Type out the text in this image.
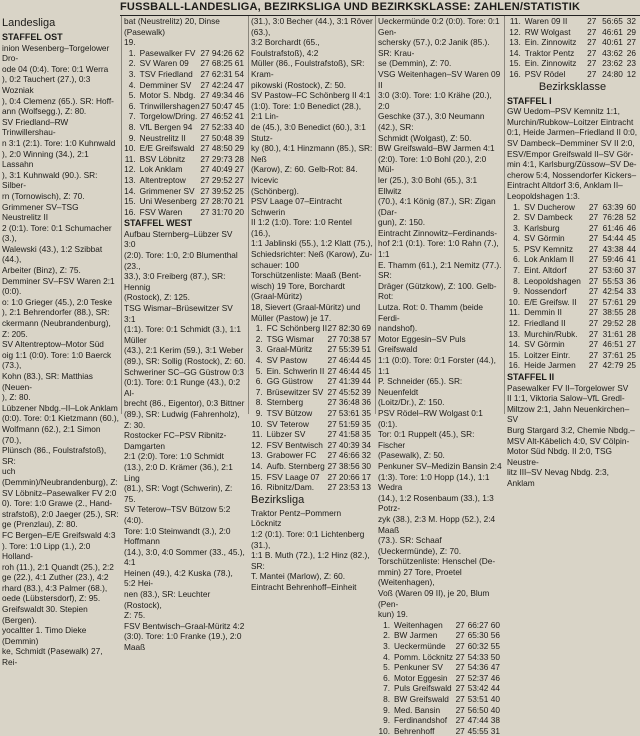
FUSSBALL-LANDESLIGA, BEZIRKSLIGA UND BEZIRKSKLASSE: ZAHLEN/STATISTIK

Landesliga

STAFFEL OST

inion Wesenberg–Torgelower Dro-

ode 04 (0:4). Tore: 0:1 Werra

), 0:2 Tauchert (27.), 0:3 Wozniak

), 0:4 Clemenz (65.). SR: Hoff-

ann (Wolfsegg.), Z: 80.

SV Friedland–RW Trinwillershau-

n 3:1 (2:1). Tore: 1:0 Kuhnwald

), 2:0 Winning (34.), 2:1 Lassahn

), 3:1 Kuhnwald (90.). SR: Silber-

rn (Tornowisch), Z: 70.

Grimmener SV–TSG Neustrelitz II

2 (0:1). Tore: 0:1 Schumacher (3.),

Walewski (43.), 1:2 Szibbat (44.),

Arbeiter (Binz), Z: 75.

Demminer SV–FSV Waren 2:1 (0:0).

o: 1:0 Grieger (45.), 2:0 Teske

), 2:1 Behrendorfer (88.), SR:

ckermann (Neubrandenburg), Z: 205.

SV Altentreptow–Motor Süd

oig 1:1 (0:0). Tore: 1:0 Baerck (73.),

Kohn (83.), SR: Matthias (Neuen-

), Z: 80.

Lübzener Nbdg.–II–Lok Anklam

(0:0). Tore: 0:1 Kietzmann (60.),

Wolfmann (62.), 2:1 Simon (70.),

Plünsch (86., Foulstrafstoß), SR:

uch (Demmin)/Neubrandenburg), Z:

SV Löbnitz–Pasewalker FV 2:0

0). Tore: 1:0 Grawe (2., Hand-

strafstoß), 2:0 Jaeger (25.), SR:

ge (Prenzlau), Z: 80.

FC Bergen–E/E Greifswald 4:3

). Tore: 1:0 Lipp (1.), 2:0 Holland-

roh (11.), 2:1 Quandt (25.), 2:2

ge (22.), 4:1 Zuther (23.), 4:2

rhard (83.), 4:3 Palmer (68.),

oede (Lübstersdorf), Z: 95.

Greifswaldt 30. Stepien (Bergen).

yocaltter 1. Timo Dieke (Demmin)

ke, Schmidt (Pasewalk) 27, Rei-

bat (Neustrelitz) 20, Dinse (Pasewalk)

19.

1.	Pasewalker FV	27	94:26	62
2.	SV Waren 09	27	68:25	61
3.	TSV Friedland	27	62:31	54
4.	Demminer SV	27	42:24	47
5.	Motor S. Nbdg.	27	49:34	46
6.	Trinwillershagen	27	50:47	45
7.	Torgelow/Dring.	27	46:52	41
8.	VfL Bergen 94	27	52:33	40
9.	Neustrelitz II	27	50:48	39
10.	E/E Greifswald	27	48:50	29
11.	BSV Löbnitz	27	29:73	28
12.	Lok Anklam	27	40:49	27
13.	Altentreptow	27	29:52	27
14.	Grimmener SV	27	39:52	25
15.	Uni Wesenberg	27	28:70	21
16.	FSV Waren	27	31:70	20

STAFFEL WEST

Aufbau Sternberg–Lübzer SV 3:0

(2:0). Tore: 1:0, 2:0 Blumenthal (23.,

33.), 3:0 Freiberg (87.), SR: Hennig

(Rostock), Z: 125.

TSG Wismar–Brüsewitzer SV 3:1

(1:1). Tore: 0:1 Schmidt (3.), 1:1 Müller

(43.), 2:1 Kerim (59.), 3:1 Weber

(89.), SR: Sollig (Rostock), Z: 60.

Schweriner SC–GG Güstrow 0:3

(0:1). Tore: 0:1 Runge (43.), 0:2 Al-

brecht (86., Eigentor), 0:3 Bittner

(89.), SR: Ludwig (Fahrenholz), Z: 30.

Rostocker FC–PSV Ribnitz-Damgarten

2:1 (2:0). Tore: 1:0 Schmidt

(13.), 2:0 D. Krämer (36.), 2:1 Ling

(81.), SR: Vogt (Schwerin), Z: 75.

SV Teterow–TSV Bützow 5:2 (4:0).

Tore: 1:0 Steinwandt (3.), 2:0 Hoffmann

(14.), 3:0, 4:0 Sommer (33., 45.), 4:1

Heinen (49.), 4:2 Kuska (78.), 5:2 Hei-

nen (83.), SR: Leuchter (Rostock),

Z: 75.

FSV Bentwisch–Graal-Müritz 4:2

(3:0). Tore: 1:0 Franke (19.), 2:0 Maaß

(31.), 3:0 Becher (44.), 3:1 Röver (63.),

3:2 Borchardt (65., Foulstrafstoß), 4:2

Müller (86., Foulstrafstoß), SR: Kram-

pikowski (Rostock), Z: 50.

SV Pastow–FC Schönberg II 4:1

(1:0). Tore: 1:0 Benedict (28.), 2:1 Lin-

de (45.), 3:0 Benedict (60.), 3:1 Stutz-

ky (80.), 4:1 Hinzmann (85.), SR: Neß

(Karow), Z: 60. Gelb-Rot: 84. Ivicevic

(Schönberg).

PSV Laage 07–Eintracht Schwerin

II 1:2 (1:0). Tore: 1:0 Rentel (16.),

1:1 Jablinski (55.), 1:2 Klatt (75.),

Schiedsrichter: Neß (Karow), Zu-

schauer: 100

Torschützenliste: Maaß (Bent-

wisch) 19 Tore, Borchardt (Graal-Müritz)

18, Sievert (Graal-Müritz) und

Müller (Pastow) je 17.

1.	FC Schönberg II	27	82:30	69
2.	TSG Wismar	27	70:38	57
3.	Graal-Müritz	27	55:39	51
4.	SV Pastow	27	46:44	45
5.	Ein. Schwerin II	27	46:44	45
6.	GG Güstrow	27	41:39	44
7.	Brüsewitzer SV	27	45:52	39
8.	Sternberg	27	36:48	36
9.	TSV Bützow	27	53:61	35
10.	SV Teterow	27	51:59	35
11.	Lübzer SV	27	41:58	35
12.	FSV Bentwisch	27	40:39	34
13.	Grabower FC	27	46:66	32
14.	Aufb. Sternberg	27	38:56	30
15.	FSV Laage 07	27	20:66	17
16.	Ribnitz/Dam.	27	23:53	13

Bezirksliga

Traktor Pentz–Pommern Löcknitz

1:2 (0:1). Tore: 0:1 Lichtenberg (31.),

1:1 B. Muth (72.), 1:2 Hinz (82.), SR:

T. Mantei (Marlow), Z: 60.

Eintracht Behrenhoff–Einheit

Ueckermünde 0:2 (0:0). Tore: 0:1 Gen-

schersky (57.), 0:2 Janik (85.). SR: Krau-

se (Demmin), Z: 70.

VSG Weitenhagen–SV Waren 09 II

3:0 (3:0). Tore: 1:0 Krähe (20.), 2:0

Geschke (37.), 3:0 Neumann (42.), SR:

Schmidt (Wolgast), Z: 50.

BW Greifswald–BW Jarmen 4:1

(2:0). Tore: 1:0 Bohl (20.), 2:0 Mül-

ler (25.), 3:0 Bohl (65.), 3:1 Ellwitz

(70.), 4:1 König (87.), SR: Zigan (Dar-

gun), Z: 150.

Eintracht Zinnowitz–Ferdinands-

hof 2:1 (0:1). Tore: 1:0 Rahn (7.), 1:1

E. Thamm (61.), 2:1 Nemitz (77.). SR:

Dräger (Gützkow), Z: 100. Gelb-Rot:

Lutza. Rot: 0. Thamm (beide Ferdi-

nandshof).

Motor Eggesin–SV Puls Greifswald

1:1 (0:0). Tore: 0:1 Forster (44.), 1:1

P. Schneider (65.). SR: Neuenfeldt

(Loitz/Dr.), Z: 150.

PSV Rödel–RW Wolgast 0:1 (0:1).

Tor: 0:1 Ruppelt (45.), SR: Fischer

(Pasewalk), Z: 50.

Penkuner SV–Medizin Bansin 2:4

(1:3). Tore: 1:0 Hopp (14.), 1:1 Wedra

(14.), 1:2 Rosenbaum (33.), 1:3 Potrz-

zyk (38.), 2:3 M. Hopp (52.), 2:4 Maaß

(73.). SR: Schaaf (Ueckermünde), Z: 70.

Torschützenliste: Henschel (De-

mmin) 27 Tore, Proetel (Weitenhagen),

Voß (Waren 09 II), je 20, Blum (Pen-

kun) 19.

1.	Weitenhagen	27	66:27	60
2.	BW Jarmen	27	65:30	56
3.	Ueckermünde	27	60:32	55
4.	Pomm. Löcknitz	27	54:33	50
5.	Penkuner SV	27	54:36	47
6.	Motor Eggesin	27	52:37	46
7.	Puls Greifswald	27	53:42	44
8.	BW Greifswald	27	53:51	40
9.	Med. Bansin	27	56:50	40
9.	Ferdinandshof	27	47:44	38
10.	Behrenhoff	27	45:55	31
11.	Waren 09 II	27	56:65	32
12.	RW Wolgast	27	46:61	29
13.	Ein. Zinnowitz	27	40:61	27
14.	Traktor Pentz	27	43:62	26
15.	Ein. Zinnowitz	27	23:62	23
16.	PSV Rödel	27	24:80	12

Bezirksklasse

STAFFEL I

GW Uedom–PSV Kemnitz 1:1,

Murchin/Rubkow–Loitzer Eintracht

0:1, Heide Jarmen–Friedland II 0:0,

SV Dambeck–Demminer SV II 2:0,

ESV/Empor Greifswald II–SV Gör-

min 4:1, Karlsburg/Züssow–SV De-

cherow 5:4, Nossendorfer Kickers–

Eintracht Altdorf 3:6, Anklam II–

Leopoldshagen 1:3.

1.	SV Ducherow	27	63:39	60
2.	SV Dambeck	27	76:28	52
3.	Karlsburg	27	61:46	46
4.	SV Görmin	27	54:44	45
5.	PSV Kemnitz	27	43:38	44
6.	Lok Anklam II	27	59:46	41
7.	Eint. Altdorf	27	53:60	37
8.	Leopoldshagen	27	55:53	36
9.	Nossendorf	27	42:54	33
10.	E/E Greifsw. II	27	57:61	29
11.	Demmin II	27	38:55	28
12.	Friedland II	27	29:52	28
13.	Murchin/Rubk.	27	31:61	28
14.	SV Görmin	27	46:51	27
15.	Loitzer Eintr.	27	37:61	25
16.	Heide Jarmen	27	42:79	25

STAFFEL II

Pasewalker FV II–Torgelower SV

II 1:1, Viktoria Salow–VfL Gredl-

Miltzow 2:1, Jahn Neuenkirchen–SV

Burg Stargard 3:2, Chemie Nbdg.–

MSV Alt-Käbelich 4:0, SV Cölpin-

Motor Süd Nbdg. II 2:0, TSG Neustre-

litz III–SV Nevag Nbdg. 2:3, Anklam
